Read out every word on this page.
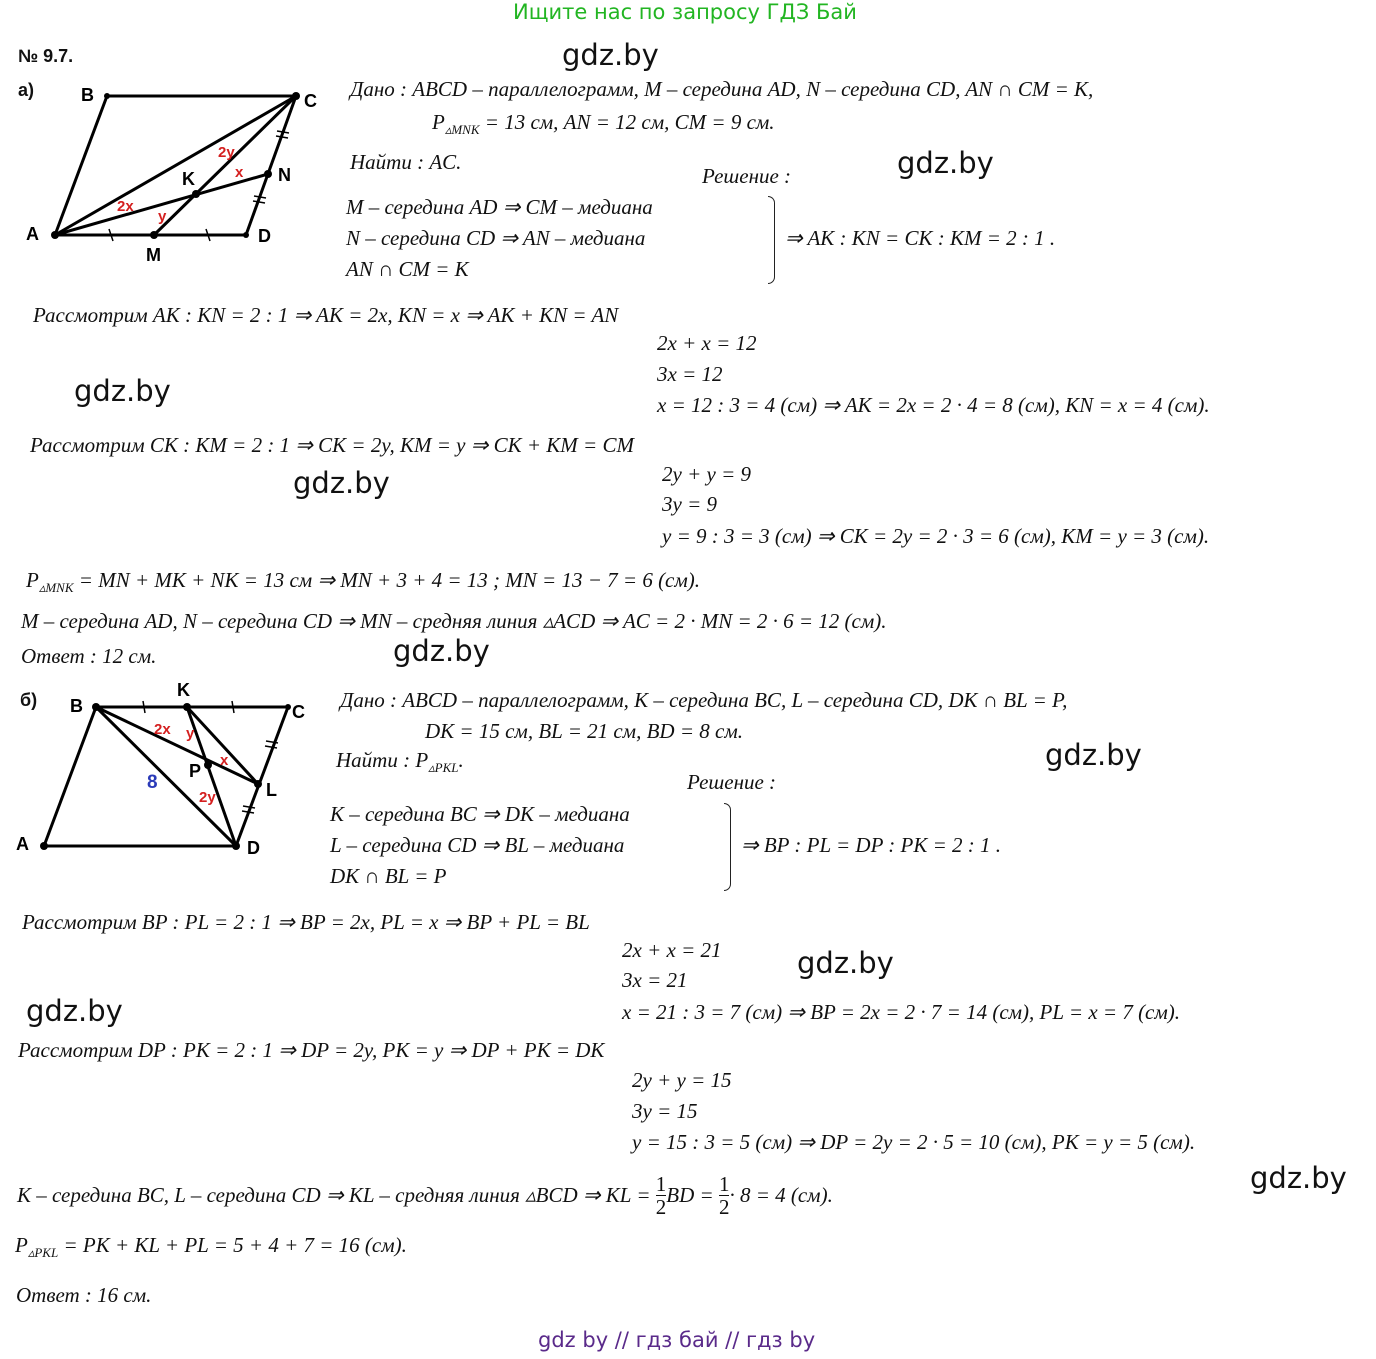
Ищите нас по запросу ГДЗ Бай
№ 9.7.	gdz.by
gdz.by
gdz.by
gdz.by
gdz.by
gdz.by
gdz.by
gdz.by
gdz.by
а)	B	C
K	N
A
M
D
2y
x
2x
y
Дано : ABCD – параллелограмм, M – середина AD, N – середина CD, AN ∩ CM = K,
$P_{▵MNK} = 13$ см, AN = 12 см, CM = 9 см.
Найти : AC.
Решение :
M – середина AD ⇒ CM – медиана
N – середина CD ⇒ AN – медиана
AN ∩ CM = K
⇒ AK : KN = CK : KM = 2 : 1 .
Рассмотрим AK : KN = 2 : 1 ⇒ AK = 2x, KN = x ⇒ AK + KN = AN
2x + x = 12
3x = 12
x = 12 : 3 = 4 (см) ⇒ AK = 2x = 2 · 4 = 8 (см), KN = x = 4 (см).
Рассмотрим CK : KM = 2 : 1 ⇒ CK = 2y, KM = y ⇒ CK + KM = CM
2y + y = 9
3y = 9
y = 9 : 3 = 3 (см) ⇒ CK = 2y = 2 · 3 = 6 (см), KM = y = 3 (см).
$P_{▵MNK}$ = MN + MK + NK = 13 см ⇒ MN + 3 + 4 = 13 ; MN = 13 − 7 = 6 (см).
M – середина AD, N – середина CD ⇒ MN – средняя линия ▵ACD ⇒ AC = 2 · MN = 2 · 6 = 12 (см).
Ответ : 12 см.
б) B
K
C
P
L
A	D
2x y
x
2y
8
Дано : ABCD – параллелограмм, K – середина BC, L – середина CD, DK ∩ BL = P,
DK = 15 см, BL = 21 см, BD = 8 см.
Найти : $P_{▵PKL}$.
Решение :
K – середина BC ⇒ DK – медиана
L – середина CD ⇒ BL – медиана
DK ∩ BL = P
⇒ BP : PL = DP : PK = 2 : 1 .
Рассмотрим BP : PL = 2 : 1 ⇒ BP = 2x, PL = x ⇒ BP + PL = BL
2x + x = 21
3x = 21
x = 21 : 3 = 7 (см) ⇒ BP = 2x = 2 · 7 = 14 (см), PL = x = 7 (см).
Рассмотрим DP : PK = 2 : 1 ⇒ DP = 2y, PK = y ⇒ DP + PK = DK
2y + y = 15
3y = 15
y = 15 : 3 = 5 (см) ⇒ DP = 2y = 2 · 5 = 10 (см), PK = y = 5 (см).
K – середина BC, L – середина CD ⇒ KL – средняя линия ▵BCD ⇒ KL = $\frac{1}{2}$ BD = $\frac{1}{2} \cdot 8 = 4$ (см).
$P_{▵PKL}$ = PK + KL + PL = 5 + 4 + 7 = 16 (см).
Ответ : 16 см.
gdz by // гдз бай // гдз by
